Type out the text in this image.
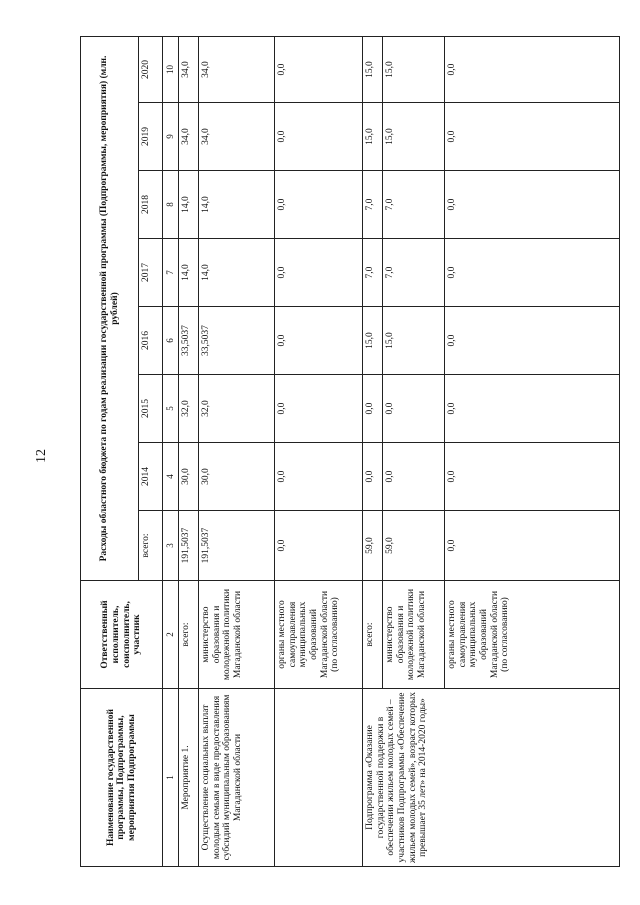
12
Наименование государственной программы, Подпрограммы, мероприятия Подпрограммы	Ответственный исполнитель, соисполнитель, участник	Расходы областного бюджета по годам реализации государственной программы (Подпрограммы, мероприятия) (млн. рублей)							
		всего:	2014	2015	2016	2017	2018	2019	2020
1	2	3	4	5	6	7	8	9	10
Мероприятие 1.	всего:	191,5037	30,0	32,0	33,5037	14,0	14,0	34,0	34,0
Осуществление социальных выплат молодым семьям в виде предоставления субсидий муниципальным образованиям Магаданской области	министерство образования и молодежной политики Магаданской области	191,5037	30,0	32,0	33,5037	14,0	14,0	34,0	34,0
	органы местного самоуправления муниципальных образований Магаданской области (по согласованию)	0,0	0,0	0,0	0,0	0,0	0,0	0,0	0,0
Подпрограмма «Оказание государственной поддержки в обеспечении жильем молодых семей – участников Подпрограммы «Обеспечение жильем молодых семей», возраст которых превышает 35 лет» на 2014-2020 годы»	всего:	59,0	0,0	0,0	15,0	7,0	7,0	15,0	15,0
	министерство образования и молодежной политики Магаданской области	59,0	0,0	0,0	15,0	7,0	7,0	15,0	15,0
	органы местного самоуправления муниципальных образований Магаданской области (по согласованию)	0,0	0,0	0,0	0,0	0,0	0,0	0,0	0,0
